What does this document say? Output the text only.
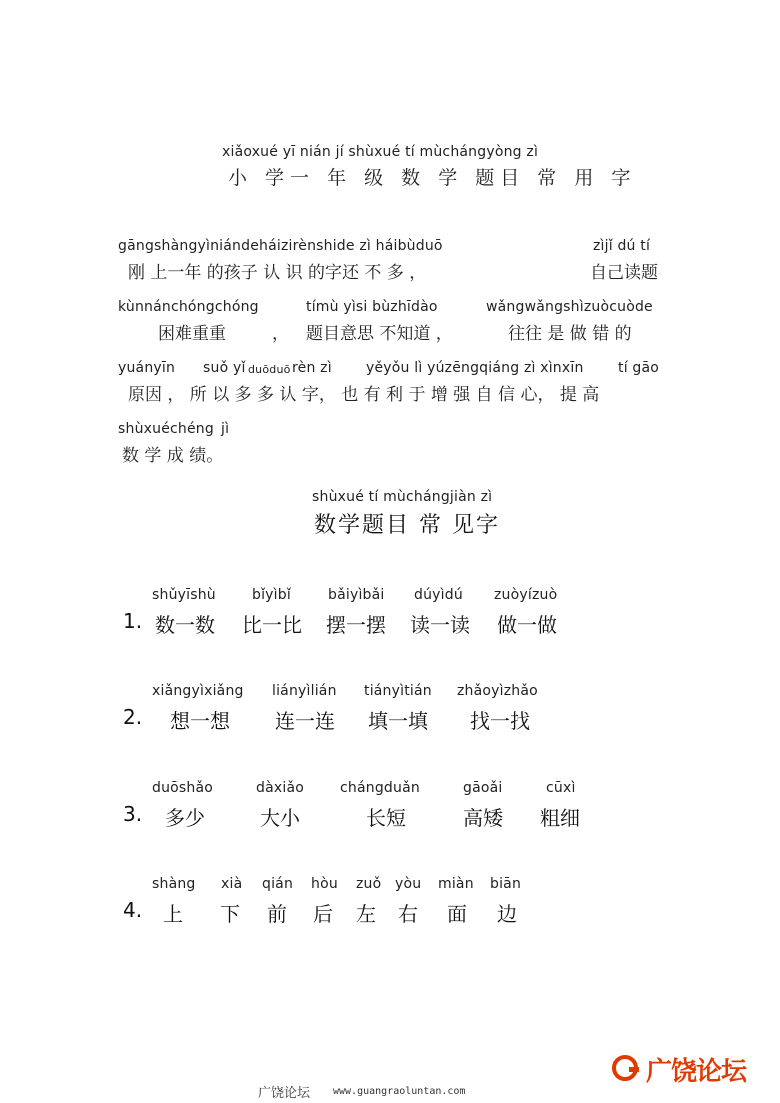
xiǎoxué yī nián jí shùxué tí mùchángyòng zì
小 学一 年 级 数 学 题目 常 用 字
gāngshàngyìniándeháizirènshide zì háibùduō	zìjǐ dú tí
刚 上一年 的孩子 认 识 的字还 不 多 ，	自己读题
kùnnánchóngchóng	tímù yìsi bùzhīdào	wǎngwǎngshìzuòcuòde
困难重重	， 题目意思 不知道 ，	往往 是 做 错 的
yuányīn suǒ yǐ duōduō rèn zì yěyǒu lì yúzēngqiáng zì xìnxīn tí gāo
原因 ， 所 以 多 多 认 字， 也 有 利 于 增 强 自 信 心， 提 高
shùxuéchéng jì
数 学 成 绩。
shùxué tí mùchángjiàn zì
数学题目 常 见字
shǔyīshù	bǐyìbǐ	bǎiyìbǎi dúyìdú zuòyízuò
1. 数一数 比一比 摆一摆 读一读 做一做
xiǎngyìxiǎng liányìlián tiányìtián zhǎoyìzhǎo
2. 想一想 连一连 填一填 找一找
duōshǎo	dàxiǎo	chángduǎn	gāoǎi	cūxì
3. 多少	大小	长短	高矮 粗细
shàng xià qián hòu zuǒ yòu miàn biān
4. 上 下 前 后 左 右 面 边
广饶论坛 www.guangraoluntan.com
广饶论坛
